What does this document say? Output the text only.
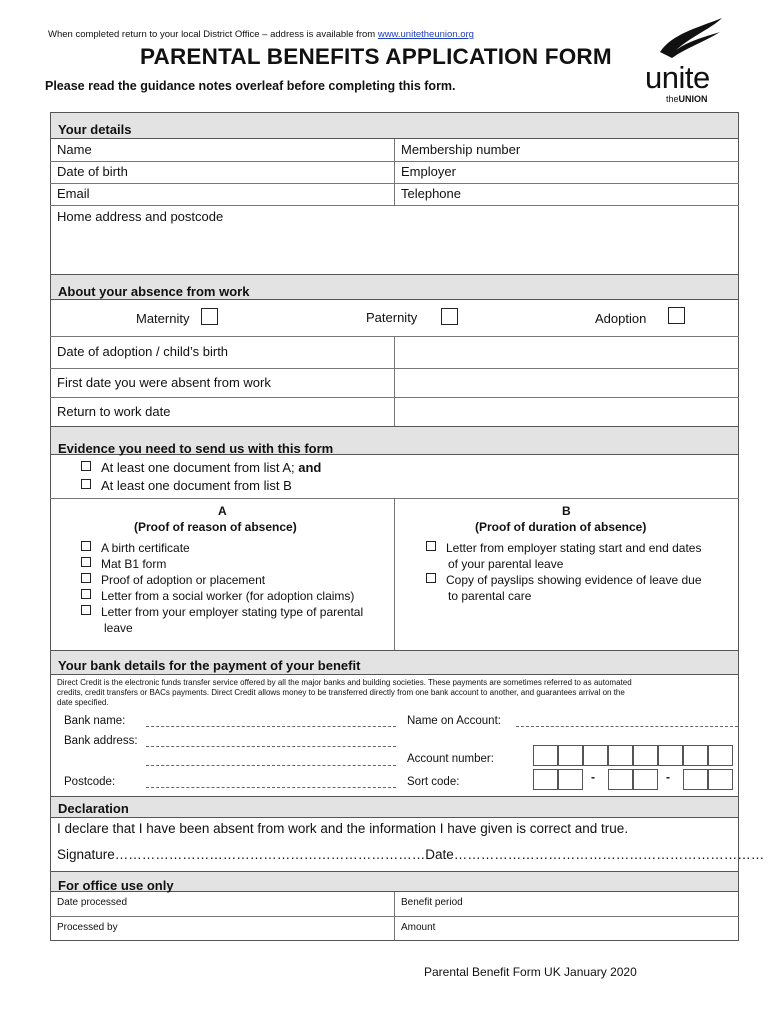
When completed return to your local District Office – address is available from www.unitetheunion.org
PARENTAL BENEFITS APPLICATION FORM
Please read the guidance notes overleaf before completing this form.	unite
theUNION
Your details
Name	Membership number
Date of birth	Employer
Email	Telephone
Home address and postcode
About your absence from work
Maternity	Paternity	Adoption
Date of adoption / child’s birth
First date you were absent from work
Return to work date
Evidence you need to send us with this form
At least one document from list A; and
At least one document from list B
A
(Proof of reason of absence)
B
(Proof of duration of absence)
A birth certificate
Mat B1 form
Proof of adoption or placement
Letter from a social worker (for adoption claims)
Letter from your employer stating type of parental
leave
Letter from employer stating start and end dates
of your parental leave
Copy of payslips showing evidence of leave due
to parental care
Your bank details for the payment of your benefit
Direct Credit is the electronic funds transfer service offered by all the major banks and building societies. These payments are sometimes referred to as automated
credits, credit transfers or BACs payments. Direct Credit allows money to be transferred directly from one bank account to another, and guarantees arrival on the
date specified.
Bank name:
Bank address:
Postcode:
Name on Account:
Account number:
Sort code:	-	-
Declaration
I declare that I have been absent from work and the information I have given is correct and true.
Signature……………………………………………………………Date……………………………………………………………
For office use only
Date processed	Benefit period
Processed by	Amount
Parental Benefit Form UK January 2020
